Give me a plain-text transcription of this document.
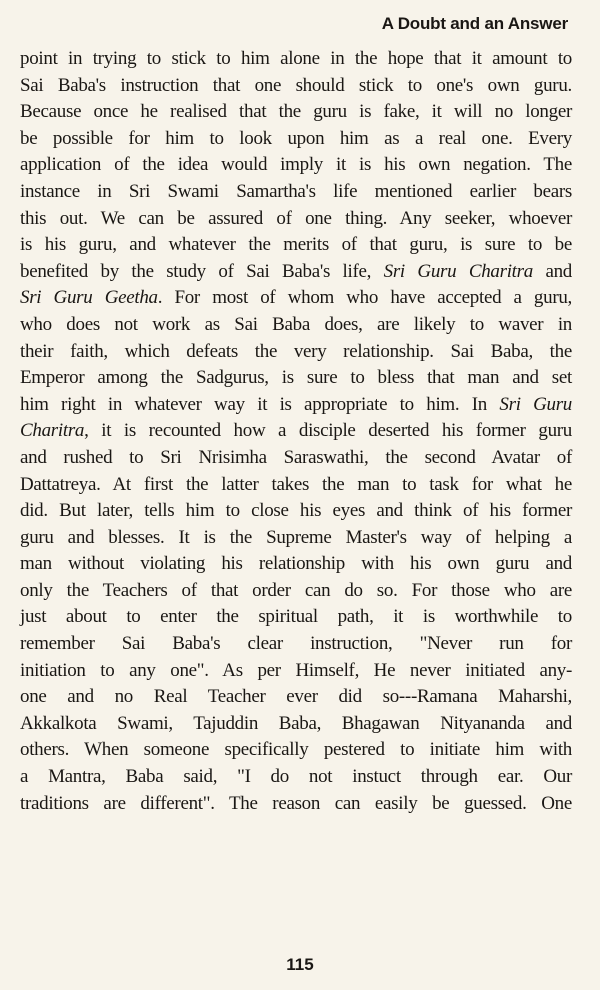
A Doubt and an Answer
point in trying to stick to him alone in the hope that it amount to
Sai Baba's instruction that one should stick to one's own guru.
Because once he realised that the guru is fake, it will no longer
be possible for him to look upon him as a real one. Every
application of the idea would imply it is his own negation. The
instance in Sri Swami Samartha's life mentioned earlier bears
this out. We can be assured of one thing. Any seeker, whoever
is his guru, and whatever the merits of that guru, is sure to be
benefited by the study of Sai Baba's life, Sri Guru Charitra and
Sri Guru Geetha. For most of whom who have accepted a guru,
who does not work as Sai Baba does, are likely to waver in
their faith, which defeats the very relationship. Sai Baba, the
Emperor among the Sadgurus, is sure to bless that man and set
him right in whatever way it is appropriate to him. In Sri Guru
Charitra, it is recounted how a disciple deserted his former guru
and rushed to Sri Nrisimha Saraswathi, the second Avatar of
Dattatreya. At first the latter takes the man to task for what he
did. But later, tells him to close his eyes and think of his former
guru and blesses. It is the Supreme Master's way of helping a
man without violating his relationship with his own guru and
only the Teachers of that order can do so. For those who are
just about to enter the spiritual path, it is worthwhile to
remember Sai Baba's clear instruction, "Never run for
initiation to any one". As per Himself, He never initiated any-
one and no Real Teacher ever did so---Ramana Maharshi,
Akkalkota Swami, Tajuddin Baba, Bhagawan Nityananda and
others. When someone specifically pestered to initiate him with
a Mantra, Baba said, "I do not instuct through ear. Our
traditions are different". The reason can easily be guessed. One
115
